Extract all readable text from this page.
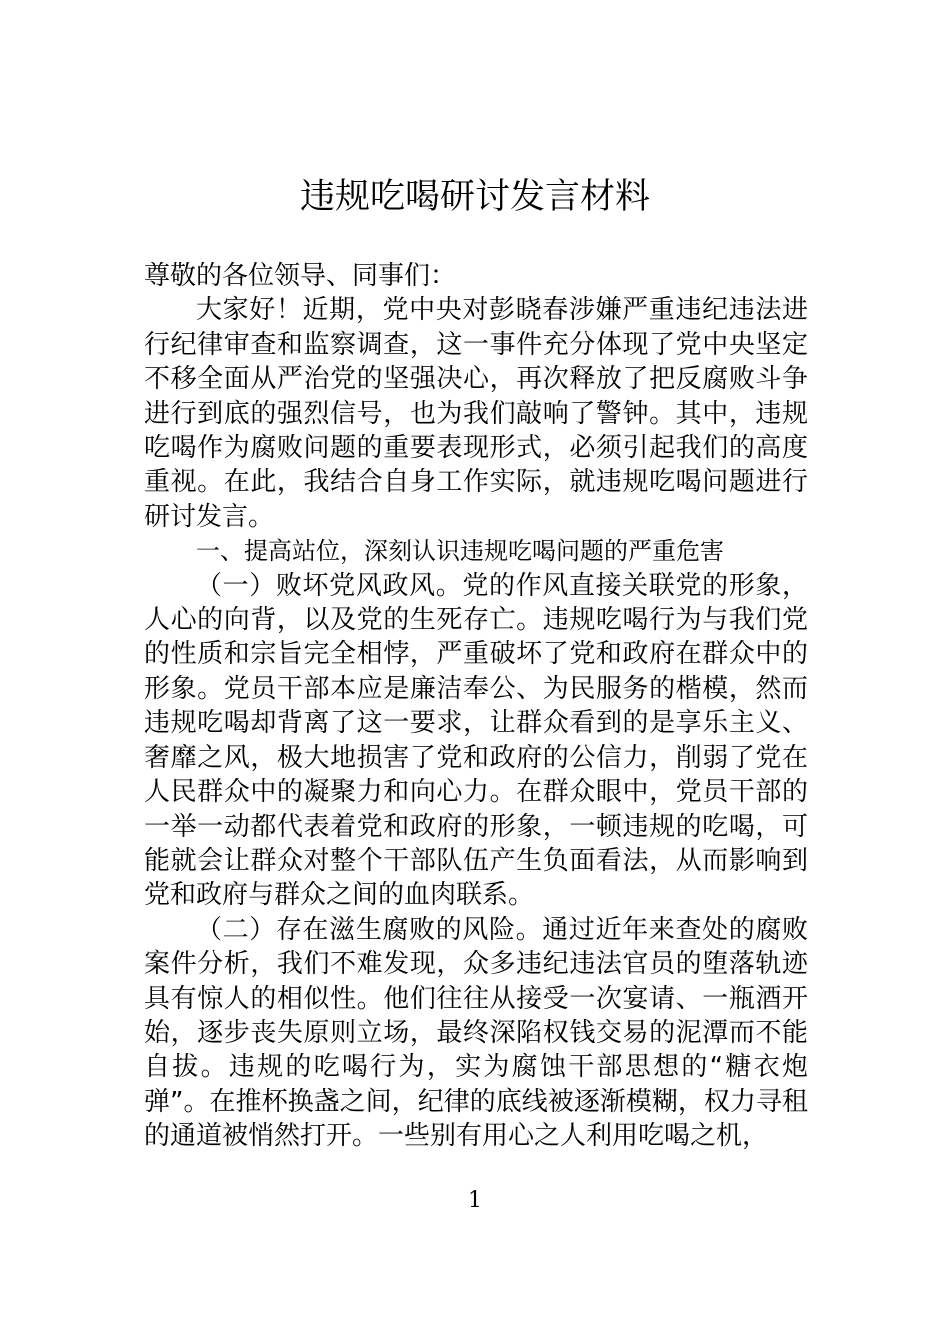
违规吃喝研讨发言材料

尊敬的各位领导、同事们：

大家好！近期，党中央对彭晓春涉嫌严重违纪违法进行纪律审查和监察调查，这一事件充分体现了党中央坚定不移全面从严治党的坚强决心，再次释放了把反腐败斗争进行到底的强烈信号，也为我们敲响了警钟。其中，违规吃喝作为腐败问题的重要表现形式，必须引起我们的高度重视。在此，我结合自身工作实际，就违规吃喝问题进行研讨发言。

一、提高站位，深刻认识违规吃喝问题的严重危害

（一）败坏党风政风。党的作风直接关联党的形象，人心的向背，以及党的生死存亡。违规吃喝行为与我们党的性质和宗旨完全相悖，严重破坏了党和政府在群众中的形象。党员干部本应是廉洁奉公、为民服务的楷模，然而违规吃喝却背离了这一要求，让群众看到的是享乐主义、奢靡之风，极大地损害了党和政府的公信力，削弱了党在人民群众中的凝聚力和向心力。在群众眼中，党员干部的一举一动都代表着党和政府的形象，一顿违规的吃喝，可能就会让群众对整个干部队伍产生负面看法，从而影响到党和政府与群众之间的血肉联系。

（二）存在滋生腐败的风险。通过近年来查处的腐败案件分析，我们不难发现，众多违纪违法官员的堕落轨迹具有惊人的相似性。他们往往从接受一次宴请、一瓶酒开始，逐步丧失原则立场，最终深陷权钱交易的泥潭而不能自拔。违规的吃喝行为，实为腐蚀干部思想的“糖衣炮弹”。在推杯换盏之间，纪律的底线被逐渐模糊，权力寻租的通道被悄然打开。一些别有用心之人利用吃喝之机，

1
